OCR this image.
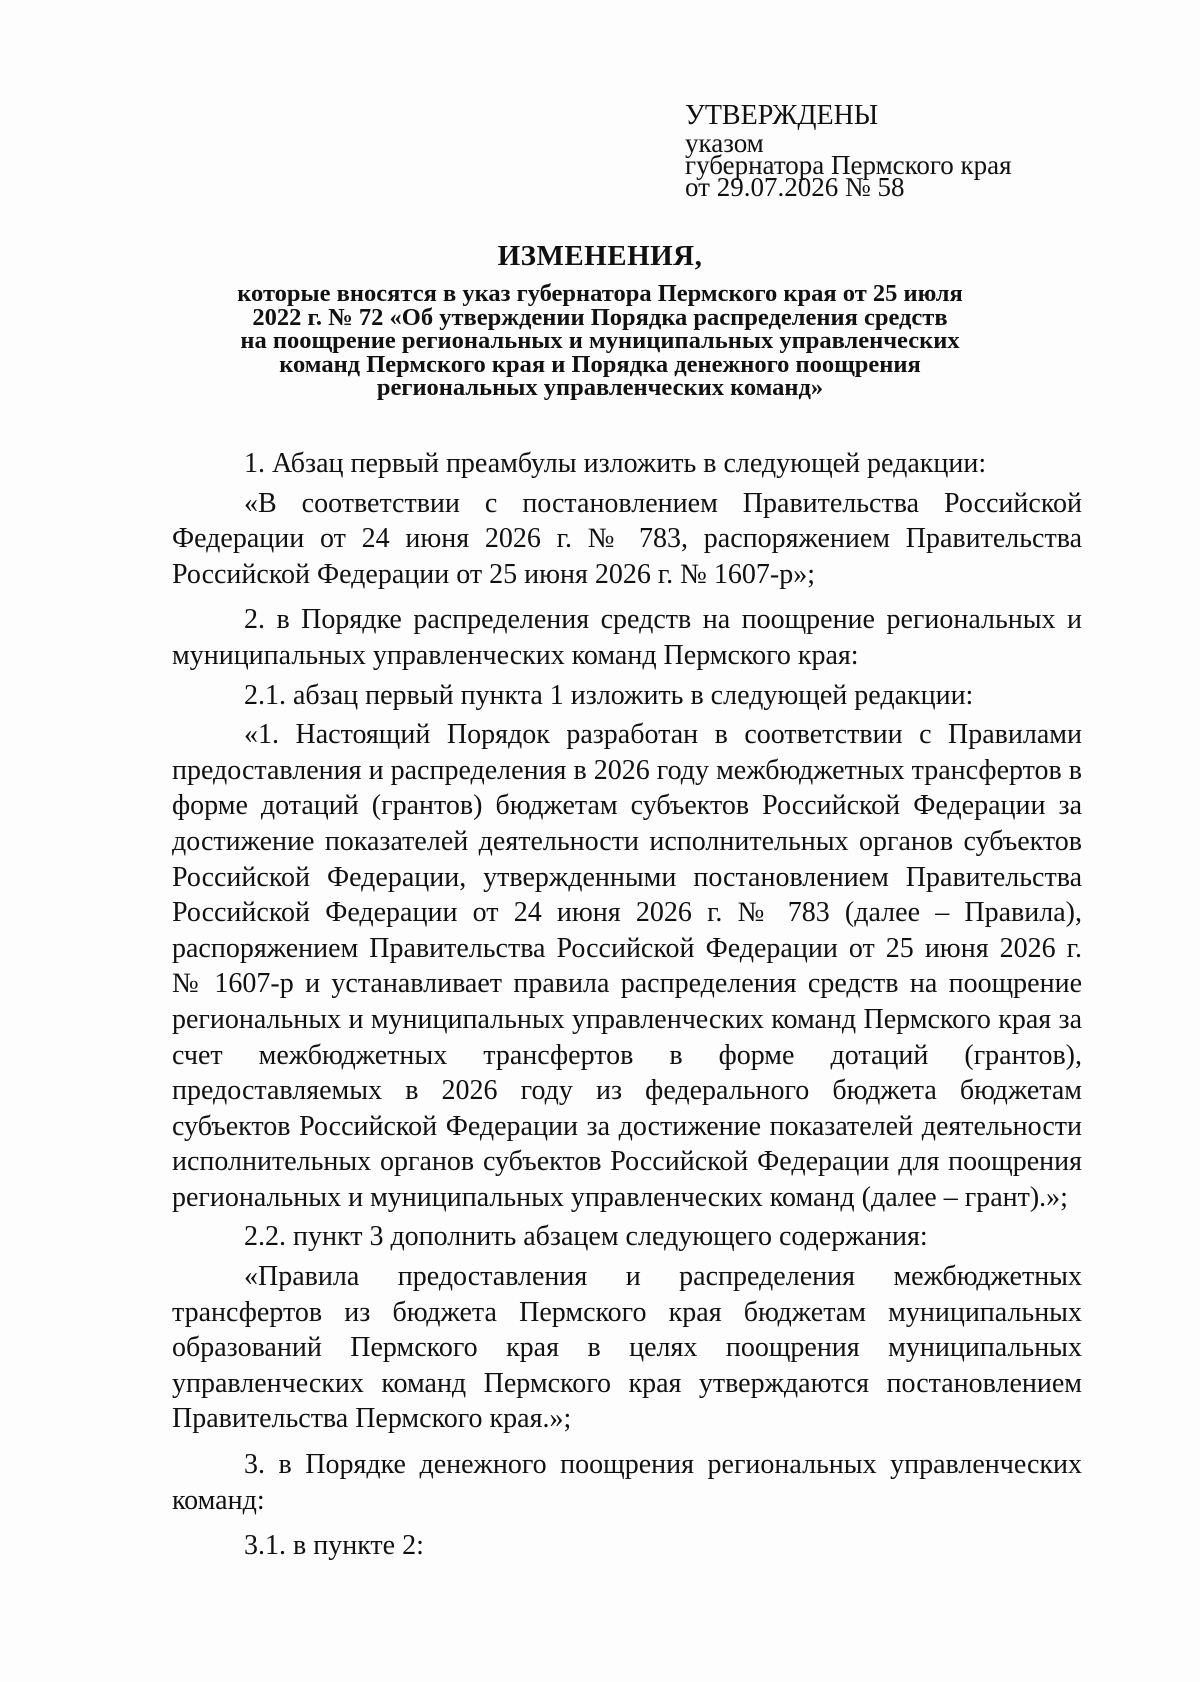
УТВЕРЖДЕНЫ
указом
губернатора Пермского края
от 29.07.2026 № 58
ИЗМЕНЕНИЯ,
которые вносятся в указ губернатора Пермского края от 25 июля
2022 г. № 72 «Об утверждении Порядка распределения средств
на поощрение региональных и муниципальных управленческих
команд Пермского края и Порядка денежного поощрения
региональных управленческих команд»

1. Абзац первый преамбулы изложить в следующей редакции:

«В соответствии с постановлением Правительства Российской Федерации от 24 июня 2026 г. № 783, распоряжением Правительства Российской Федерации от 25 июня 2026 г. № 1607-р»;

2. в Порядке распределения средств на поощрение региональных и муниципальных управленческих команд Пермского края:

2.1. абзац первый пункта 1 изложить в следующей редакции:

«1. Настоящий Порядок разработан в соответствии с Правилами предоставления и распределения в 2026 году межбюджетных трансфертов в форме дотаций (грантов) бюджетам субъектов Российской Федерации за достижение показателей деятельности исполнительных органов субъектов Российской Федерации, утвержденными постановлением Правительства Российской Федерации от 24 июня 2026 г. № 783 (далее – Правила), распоряжением Правительства Российской Федерации от 25 июня 2026 г. № 1607-р и устанавливает правила распределения средств на поощрение региональных и муниципальных управленческих команд Пермского края за счет межбюджетных трансфертов в форме дотаций (грантов), предоставляемых в 2026 году из федерального бюджета бюджетам субъектов Российской Федерации за достижение показателей деятельности исполнительных органов субъектов Российской Федерации для поощрения региональных и муниципальных управленческих команд (далее – грант).»;

2.2. пункт 3 дополнить абзацем следующего содержания:

«Правила предоставления и распределения межбюджетных трансфертов из бюджета Пермского края бюджетам муниципальных образований Пермского края в целях поощрения муниципальных управленческих команд Пермского края утверждаются постановлением Правительства Пермского края.»;

3. в Порядке денежного поощрения региональных управленческих команд:

3.1. в пункте 2:
